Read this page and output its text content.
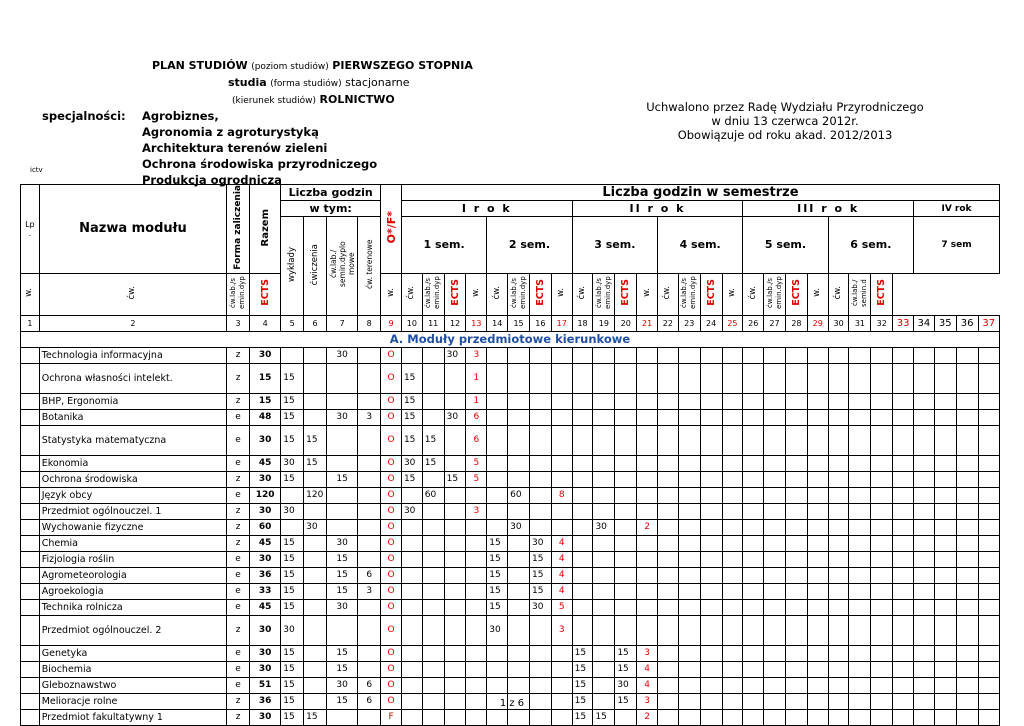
PLAN STUDIÓW (poziom studiów) PIERWSZEGO STOPNIA
studia (forma studiów) stacjonarne
(kierunek studiów) ROLNICTWO
specjalności: Agrobiznes,
Agronomia z agroturystyką
Architektura terenów zieleni
Ochrona środowiska przyrodniczego
Produkcja ogrodnicza
ictv
Uchwalono przez Radę Wydziału Przyrodniczego
w dniu 13 czerwca 2012r.
Obowiązuje od roku akad. 2012/2013
Lp
.	Nazwa modułu	Forma zaliczenia	Razem	Liczba godzin				O*/F*	Liczba godzin w semestrze																											
				w tym:					I r o k								II r o k								III r o k								IV rok			
				wykłady	ćwiczenia	ćw.lab./ semin.dyplo mowe	ćw. terenowe		1 sem.				2 sem.				3 sem.				4 sem.				5 sem.				6 sem.				7 sem			
w.	ćw.	ćw.lab./s emin.dyp	ECTS					w.	ćw.	ćw.lab./s emin.dyp	ECTS	w.	ćw.	ćw.lab./s emin.dyp	ECTS	w.	ćw.	ćw.lab./s emin.dyp	ECTS	w.	ćw.	ćw.lab./s emin.dyp	ECTS	w.	ćw.	ćw.lab./s emin.dyp	ECTS	w.	ćw.	ćw.lab./ semin.d	ECTS					
1	2	3	4	5	6	7	8	9	10	11	12	13	14	15	16	17	18	19	20	21	22	23	24	25	26	27	28	29	30	31	32	33	34	35	36	37
A. Moduły przedmiotowe kierunkowe																																				
	Technologia informacyjna	z	30			30		O			30	3																								
	Ochrona własności intelekt.	z	15	15				O	15			1																								
	BHP, Ergonomia	z	15	15				O	15			1																								
	Botanika	e	48	15		30	3	O	15		30	6																								
	Statystyka matematyczna	e	30	15	15			O	15	15		6																								
	Ekonomia	e	45	30	15			O	30	15		5																								
	Ochrona środowiska	z	30	15		15		O	15		15	5																								
	Język obcy	e	120		120			O		60				60		8																				
	Przedmiot ogólnouczel. 1	z	30	30				O	30			3																								
	Wychowanie fizyczne	z	60		30			O						30				30		2																
	Chemia	z	45	15		30		O					15		30	4																				
	Fizjologia roślin	e	30	15		15		O					15		15	4																				
	Agrometeorologia	e	36	15		15	6	O					15		15	4																				
	Agroekologia	e	33	15		15	3	O					15		15	4																				
	Technika rolnicza	e	45	15		30		O					15		30	5																				
	Przedmiot ogólnouczel. 2	z	30	30				O					30			3																				
	Genetyka	e	30	15		15		O									15		15	3																
	Biochemia	e	30	15		15		O									15		15	4																
	Gleboznawstwo	e	51	15		30	6	O									15		30	4																
	Melioracje rolne	z	36	15		15	6	O									15		15	3																
	Przedmiot fakultatywny 1	z	30	15	15			F									15	15		2																
1 z 6
